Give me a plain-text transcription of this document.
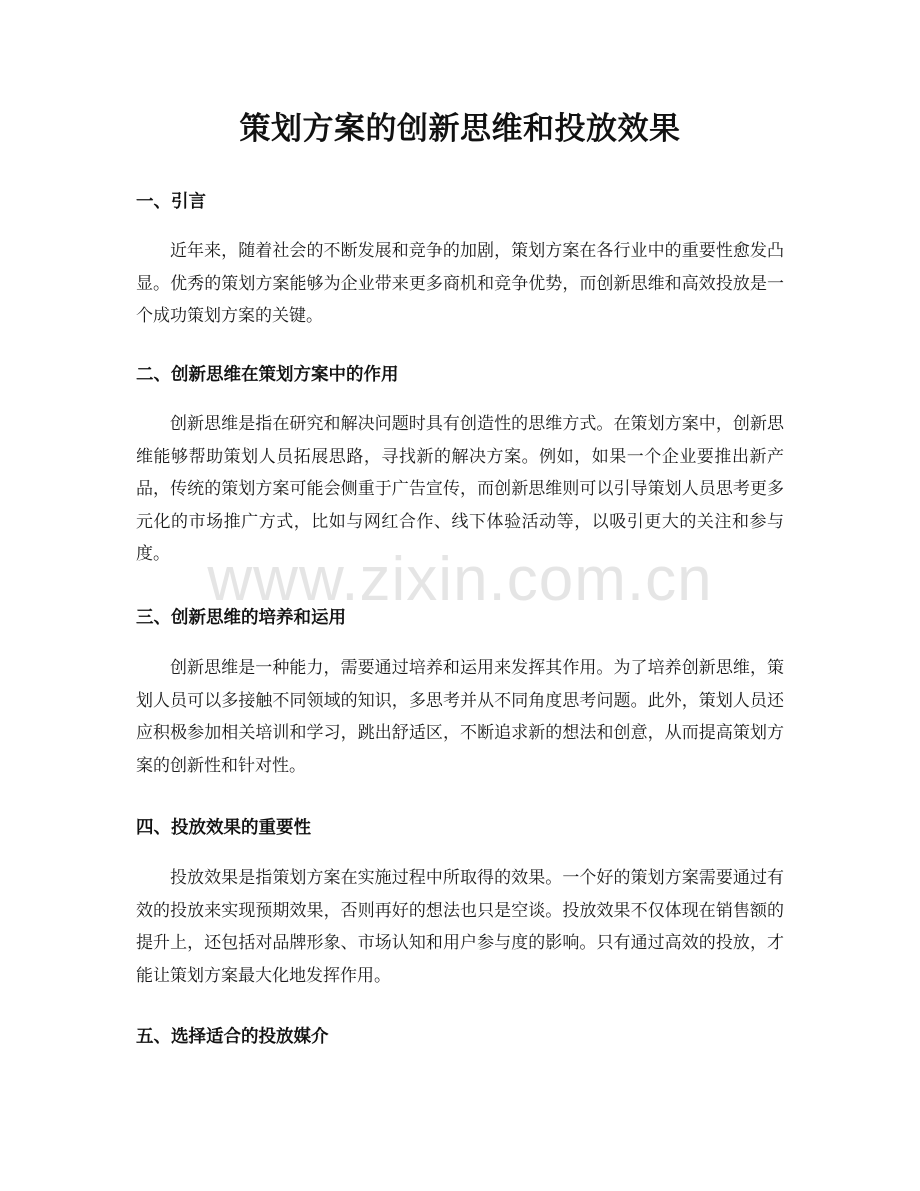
策划方案的创新思维和投放效果
一、引言
近年来，随着社会的不断发展和竞争的加剧，策划方案在各行业中的重要性愈发凸显。优秀的策划方案能够为企业带来更多商机和竞争优势，而创新思维和高效投放是一个成功策划方案的关键。
二、创新思维在策划方案中的作用
创新思维是指在研究和解决问题时具有创造性的思维方式。在策划方案中，创新思维能够帮助策划人员拓展思路，寻找新的解决方案。例如，如果一个企业要推出新产品，传统的策划方案可能会侧重于广告宣传，而创新思维则可以引导策划人员思考更多元化的市场推广方式，比如与网红合作、线下体验活动等，以吸引更大的关注和参与度。
三、创新思维的培养和运用
创新思维是一种能力，需要通过培养和运用来发挥其作用。为了培养创新思维，策划人员可以多接触不同领域的知识，多思考并从不同角度思考问题。此外，策划人员还应积极参加相关培训和学习，跳出舒适区，不断追求新的想法和创意，从而提高策划方案的创新性和针对性。
四、投放效果的重要性
投放效果是指策划方案在实施过程中所取得的效果。一个好的策划方案需要通过有效的投放来实现预期效果，否则再好的想法也只是空谈。投放效果不仅体现在销售额的提升上，还包括对品牌形象、市场认知和用户参与度的影响。只有通过高效的投放，才能让策划方案最大化地发挥作用。
五、选择适合的投放媒介
www.zixin.com.cn
